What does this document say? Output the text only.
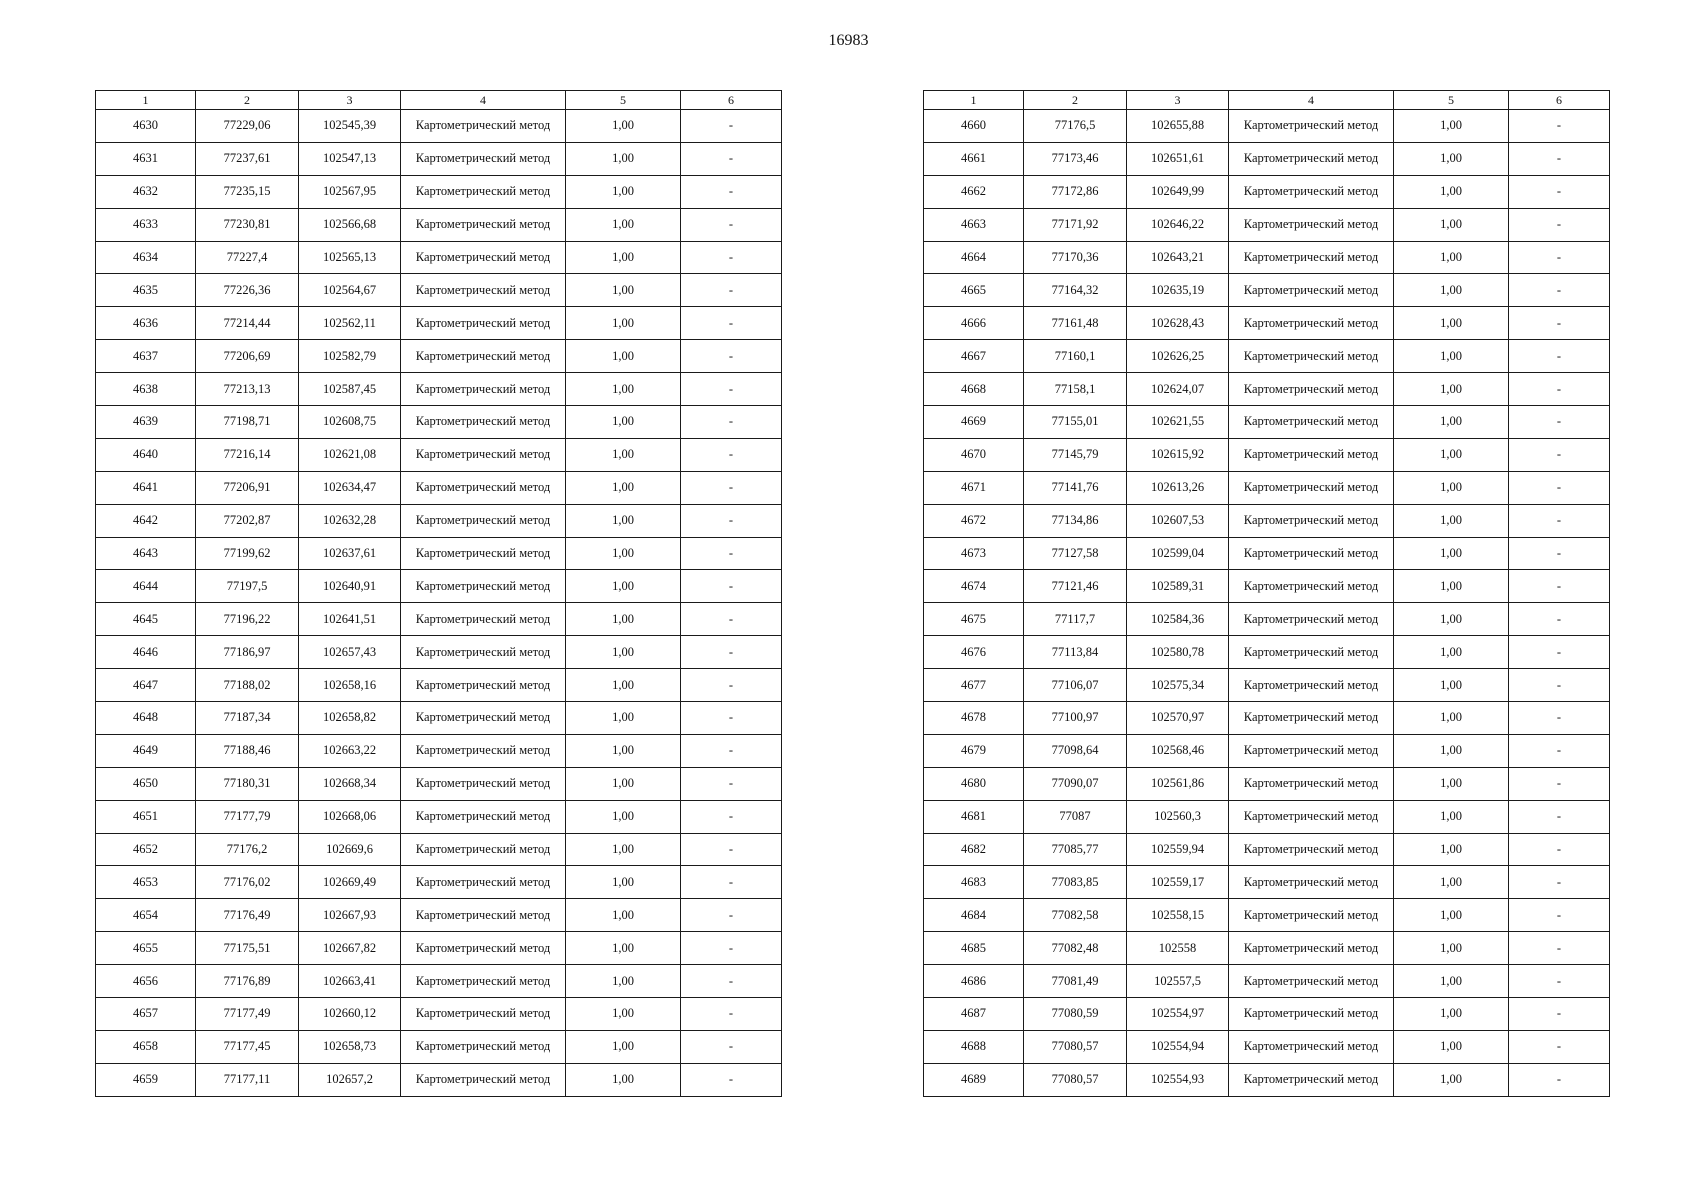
16983
1	2	3	4	5	6
4630	77229,06	102545,39	Картометрический метод	1,00	-
4631	77237,61	102547,13	Картометрический метод	1,00	-
4632	77235,15	102567,95	Картометрический метод	1,00	-
4633	77230,81	102566,68	Картометрический метод	1,00	-
4634	77227,4	102565,13	Картометрический метод	1,00	-
4635	77226,36	102564,67	Картометрический метод	1,00	-
4636	77214,44	102562,11	Картометрический метод	1,00	-
4637	77206,69	102582,79	Картометрический метод	1,00	-
4638	77213,13	102587,45	Картометрический метод	1,00	-
4639	77198,71	102608,75	Картометрический метод	1,00	-
4640	77216,14	102621,08	Картометрический метод	1,00	-
4641	77206,91	102634,47	Картометрический метод	1,00	-
4642	77202,87	102632,28	Картометрический метод	1,00	-
4643	77199,62	102637,61	Картометрический метод	1,00	-
4644	77197,5	102640,91	Картометрический метод	1,00	-
4645	77196,22	102641,51	Картометрический метод	1,00	-
4646	77186,97	102657,43	Картометрический метод	1,00	-
4647	77188,02	102658,16	Картометрический метод	1,00	-
4648	77187,34	102658,82	Картометрический метод	1,00	-
4649	77188,46	102663,22	Картометрический метод	1,00	-
4650	77180,31	102668,34	Картометрический метод	1,00	-
4651	77177,79	102668,06	Картометрический метод	1,00	-
4652	77176,2	102669,6	Картометрический метод	1,00	-
4653	77176,02	102669,49	Картометрический метод	1,00	-
4654	77176,49	102667,93	Картометрический метод	1,00	-
4655	77175,51	102667,82	Картометрический метод	1,00	-
4656	77176,89	102663,41	Картометрический метод	1,00	-
4657	77177,49	102660,12	Картометрический метод	1,00	-
4658	77177,45	102658,73	Картометрический метод	1,00	-
4659	77177,11	102657,2	Картометрический метод	1,00	-
1	2	3	4	5	6
4660	77176,5	102655,88	Картометрический метод	1,00	-
4661	77173,46	102651,61	Картометрический метод	1,00	-
4662	77172,86	102649,99	Картометрический метод	1,00	-
4663	77171,92	102646,22	Картометрический метод	1,00	-
4664	77170,36	102643,21	Картометрический метод	1,00	-
4665	77164,32	102635,19	Картометрический метод	1,00	-
4666	77161,48	102628,43	Картометрический метод	1,00	-
4667	77160,1	102626,25	Картометрический метод	1,00	-
4668	77158,1	102624,07	Картометрический метод	1,00	-
4669	77155,01	102621,55	Картометрический метод	1,00	-
4670	77145,79	102615,92	Картометрический метод	1,00	-
4671	77141,76	102613,26	Картометрический метод	1,00	-
4672	77134,86	102607,53	Картометрический метод	1,00	-
4673	77127,58	102599,04	Картометрический метод	1,00	-
4674	77121,46	102589,31	Картометрический метод	1,00	-
4675	77117,7	102584,36	Картометрический метод	1,00	-
4676	77113,84	102580,78	Картометрический метод	1,00	-
4677	77106,07	102575,34	Картометрический метод	1,00	-
4678	77100,97	102570,97	Картометрический метод	1,00	-
4679	77098,64	102568,46	Картометрический метод	1,00	-
4680	77090,07	102561,86	Картометрический метод	1,00	-
4681	77087	102560,3	Картометрический метод	1,00	-
4682	77085,77	102559,94	Картометрический метод	1,00	-
4683	77083,85	102559,17	Картометрический метод	1,00	-
4684	77082,58	102558,15	Картометрический метод	1,00	-
4685	77082,48	102558	Картометрический метод	1,00	-
4686	77081,49	102557,5	Картометрический метод	1,00	-
4687	77080,59	102554,97	Картометрический метод	1,00	-
4688	77080,57	102554,94	Картометрический метод	1,00	-
4689	77080,57	102554,93	Картометрический метод	1,00	-
